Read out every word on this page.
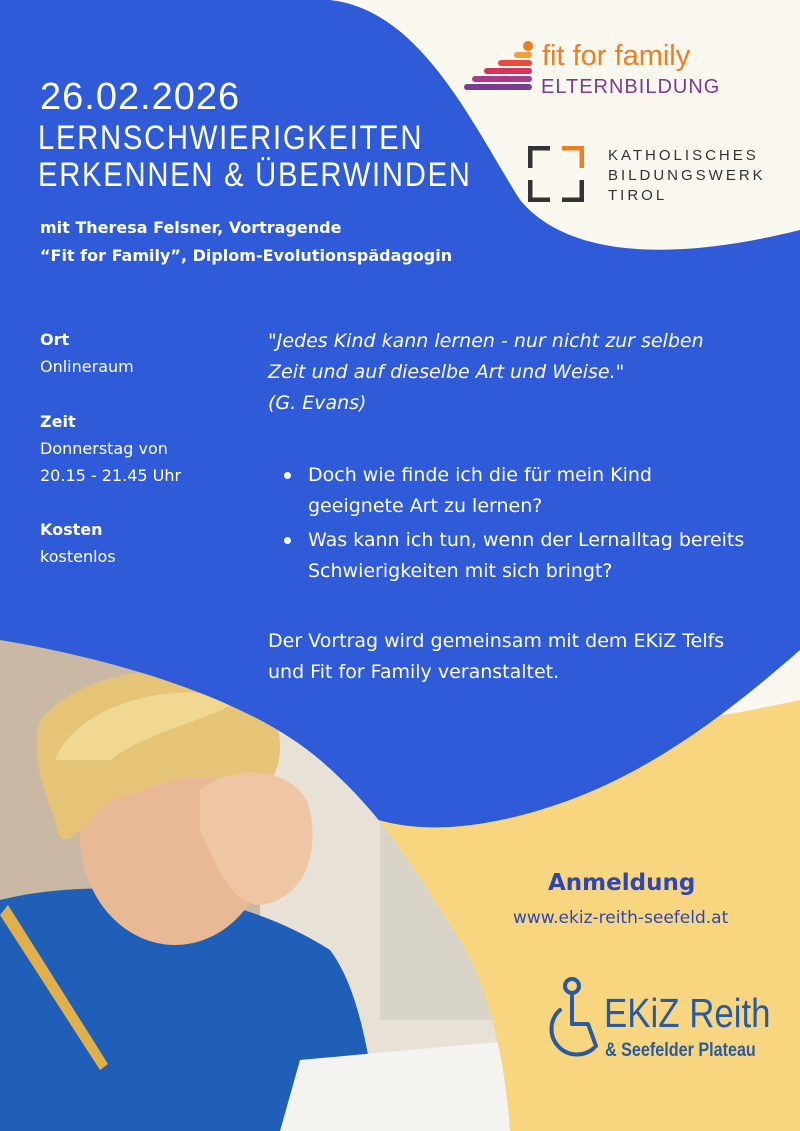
26.02.2026
LERNSCHWIERIGKEITEN
ERKENNEN & ÜBERWINDEN
mit Theresa Felsner, Vortragende
“Fit for Family”, Diplom-Evolutionspädagogin
Ort
Onlineraum
Zeit
Donnerstag von
20.15 - 21.45 Uhr
Kosten
kostenlos
"Jedes Kind kann lernen - nur nicht zur selben
Zeit und auf dieselbe Art und Weise."
(G. Evans)
Doch wie finde ich die für mein Kind geeignete Art zu lernen?
Was kann ich tun, wenn der Lernalltag bereits Schwierigkeiten mit sich bringt?
Der Vortrag wird gemeinsam mit dem EKiZ Telfs und Fit for Family veranstaltet.
Anmeldung
www.ekiz-reith-seefeld.at
fit for family
ELTERNBILDUNG
KATHOLISCHES
BILDUNGSWERK
TIROL
EKiZ Reith
& Seefelder Plateau
